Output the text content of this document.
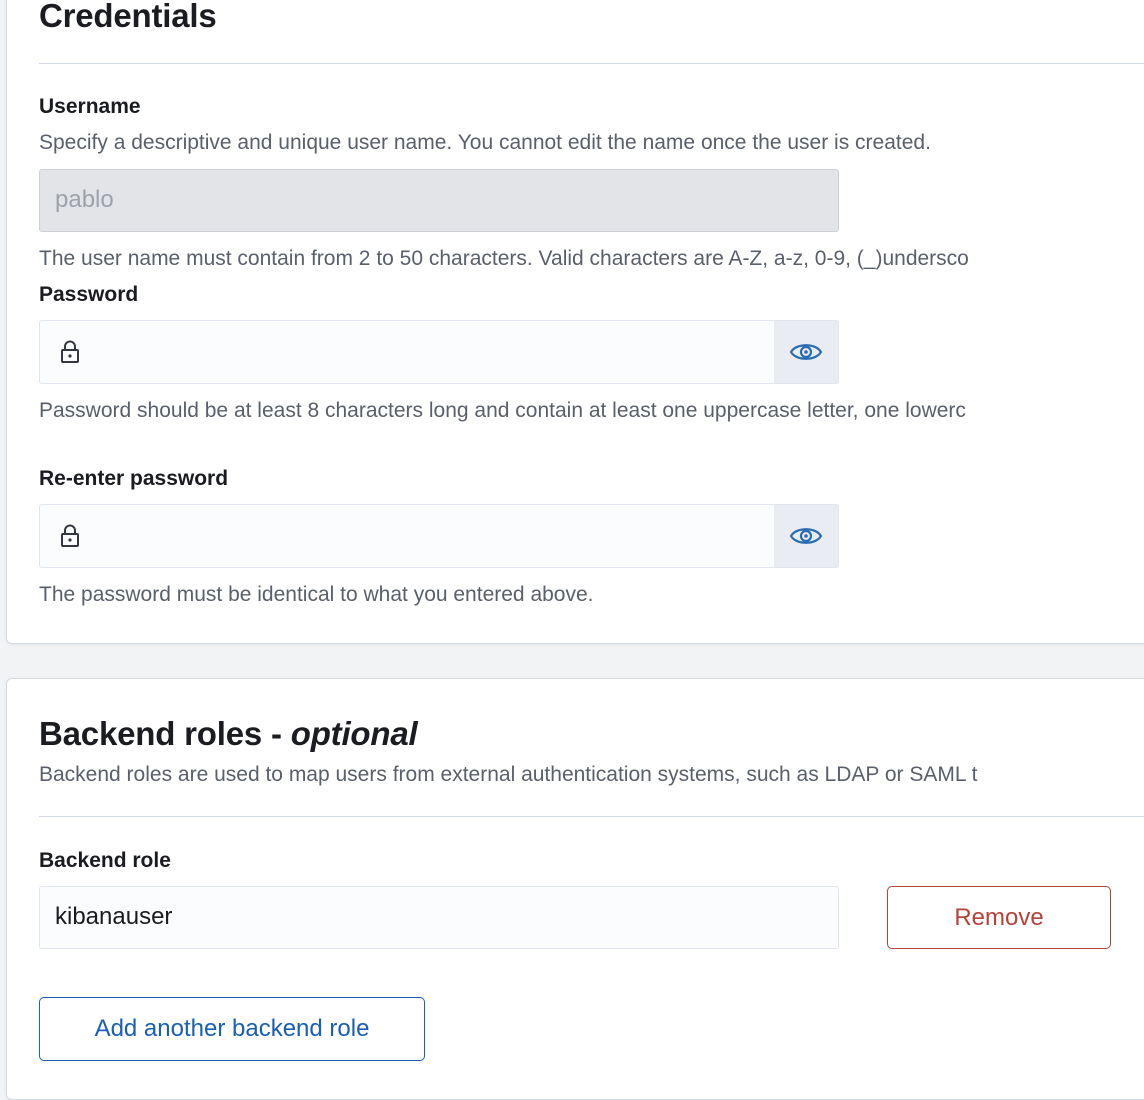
Credentials
Username
Specify a descriptive and unique user name. You cannot edit the name once the user is created.
pablo
The user name must contain from 2 to 50 characters. Valid characters are A-Z, a-z, 0-9, (_)undersco
Password
Password should be at least 8 characters long and contain at least one uppercase letter, one lowerc
Re-enter password
The password must be identical to what you entered above.
Backend roles - optional
Backend roles are used to map users from external authentication systems, such as LDAP or SAML t
Backend role
kibanauser	Remove
Add another backend role
